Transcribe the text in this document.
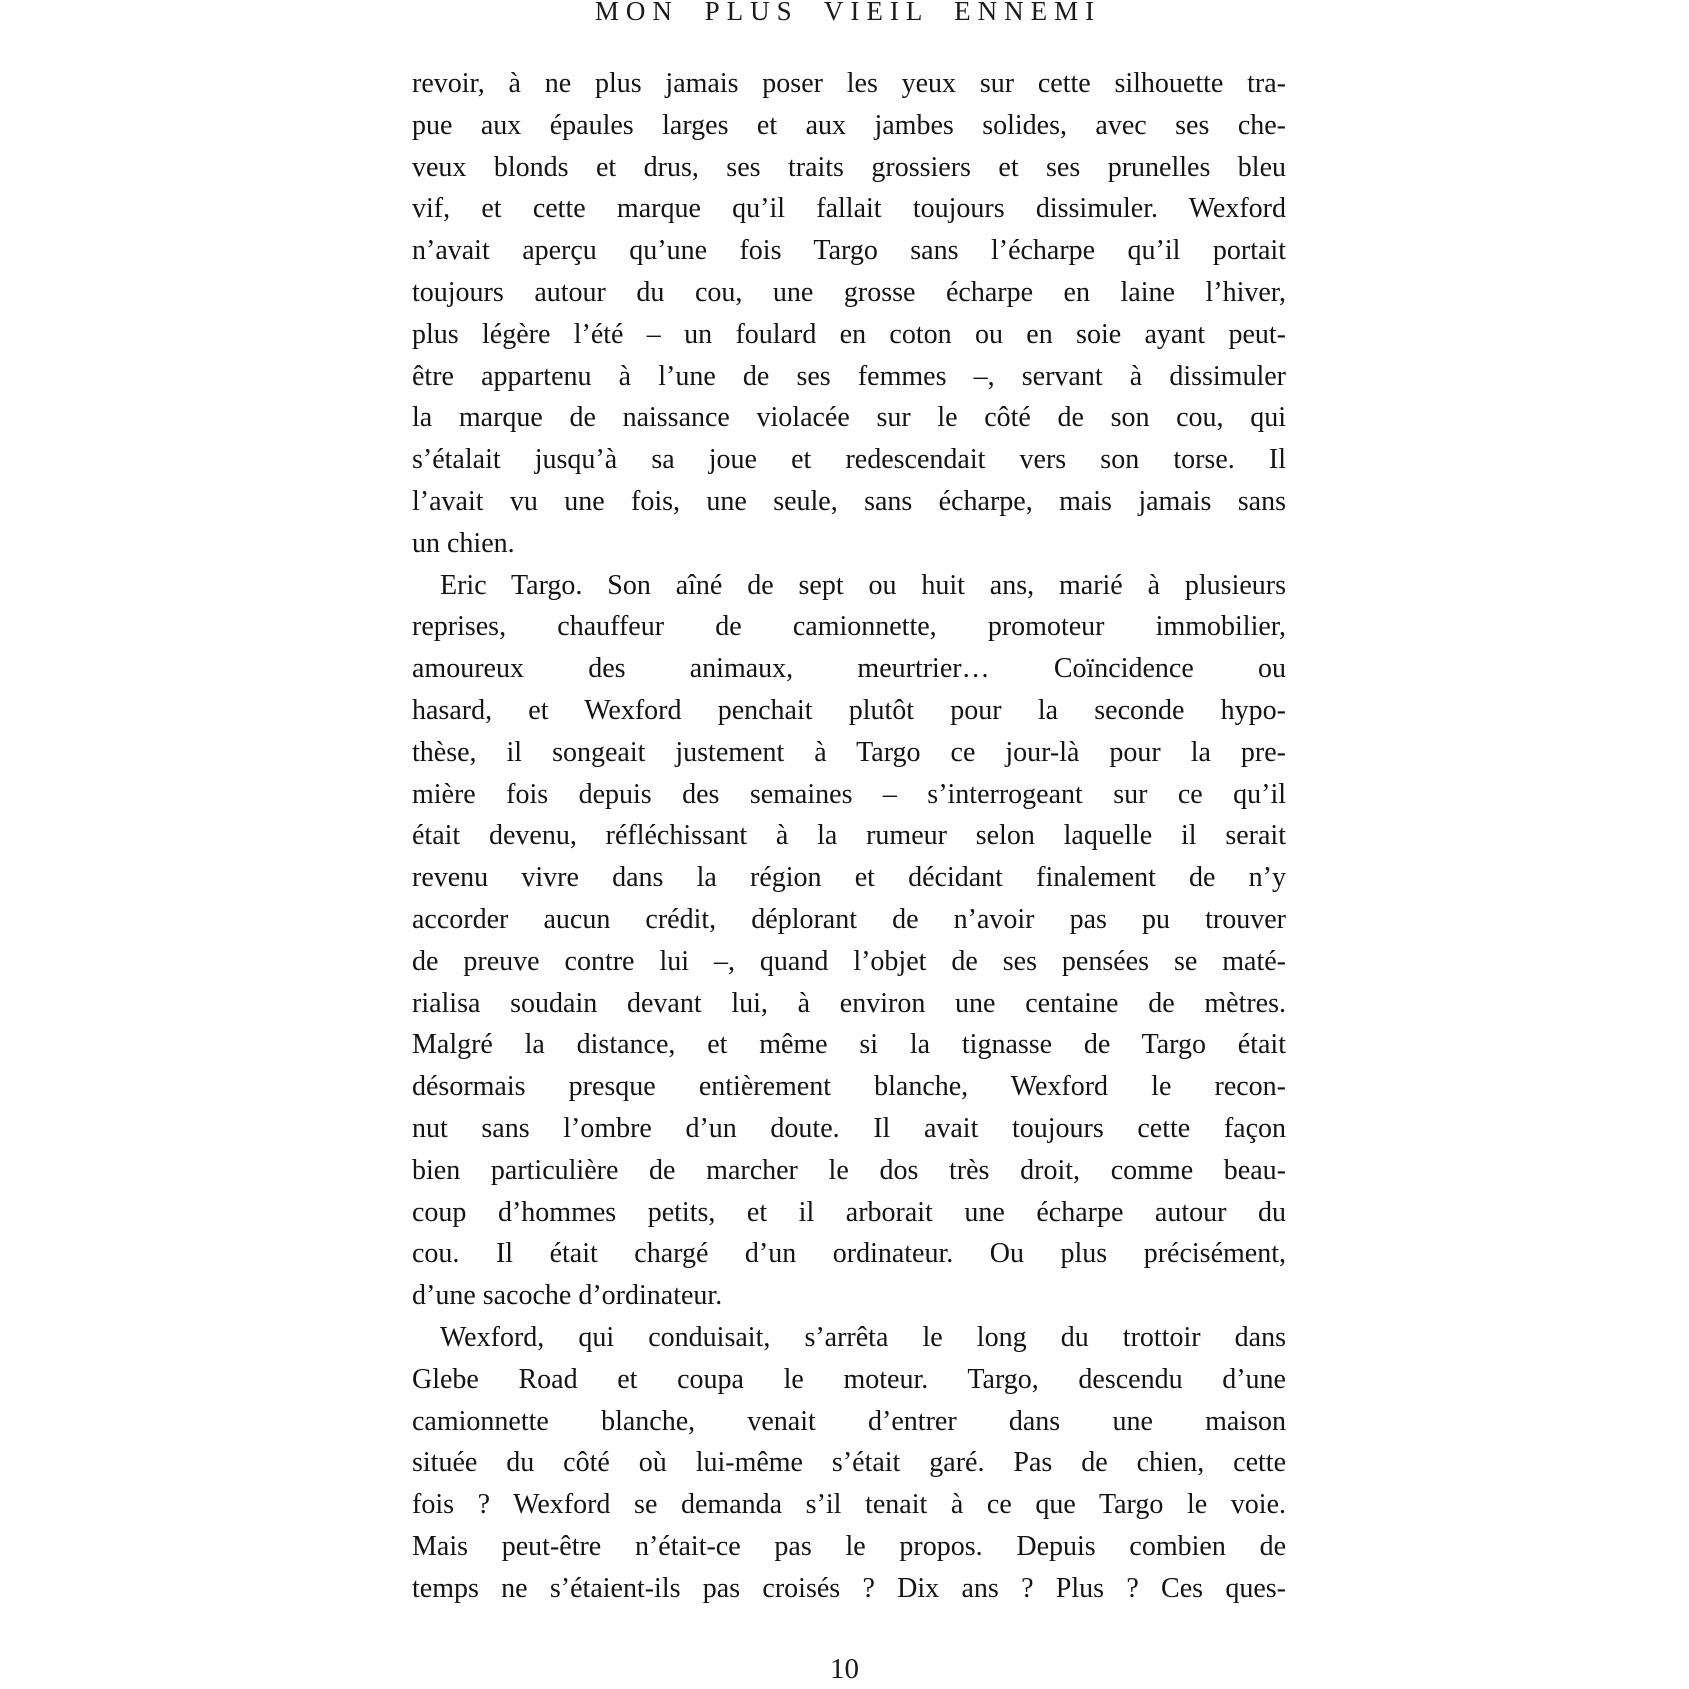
MON PLUS VIEIL ENNEMI

revoir, à ne plus jamais poser les yeux sur cette silhouette tra-
pue aux épaules larges et aux jambes solides, avec ses che-
veux blonds et drus, ses traits grossiers et ses prunelles bleu
vif, et cette marque qu’il fallait toujours dissimuler. Wexford
n’avait aperçu qu’une fois Targo sans l’écharpe qu’il portait
toujours autour du cou, une grosse écharpe en laine l’hiver,
plus légère l’été – un foulard en coton ou en soie ayant peut-
être appartenu à l’une de ses femmes –, servant à dissimuler
la marque de naissance violacée sur le côté de son cou, qui
s’étalait jusqu’à sa joue et redescendait vers son torse. Il
l’avait vu une fois, une seule, sans écharpe, mais jamais sans
un chien.

Eric Targo. Son aîné de sept ou huit ans, marié à plusieurs
reprises, chauffeur de camionnette, promoteur immobilier,
amoureux des animaux, meurtrier… Coïncidence ou
hasard, et Wexford penchait plutôt pour la seconde hypo-
thèse, il songeait justement à Targo ce jour-là pour la pre-
mière fois depuis des semaines – s’interrogeant sur ce qu’il
était devenu, réfléchissant à la rumeur selon laquelle il serait
revenu vivre dans la région et décidant finalement de n’y
accorder aucun crédit, déplorant de n’avoir pas pu trouver
de preuve contre lui –, quand l’objet de ses pensées se maté-
rialisa soudain devant lui, à environ une centaine de mètres.
Malgré la distance, et même si la tignasse de Targo était
désormais presque entièrement blanche, Wexford le recon-
nut sans l’ombre d’un doute. Il avait toujours cette façon
bien particulière de marcher le dos très droit, comme beau-
coup d’hommes petits, et il arborait une écharpe autour du
cou. Il était chargé d’un ordinateur. Ou plus précisément,
d’une sacoche d’ordinateur.

Wexford, qui conduisait, s’arrêta le long du trottoir dans
Glebe Road et coupa le moteur. Targo, descendu d’une
camionnette blanche, venait d’entrer dans une maison
située du côté où lui-même s’était garé. Pas de chien, cette
fois ? Wexford se demanda s’il tenait à ce que Targo le voie.
Mais peut-être n’était-ce pas le propos. Depuis combien de
temps ne s’étaient-ils pas croisés ? Dix ans ? Plus ? Ces ques-

10
